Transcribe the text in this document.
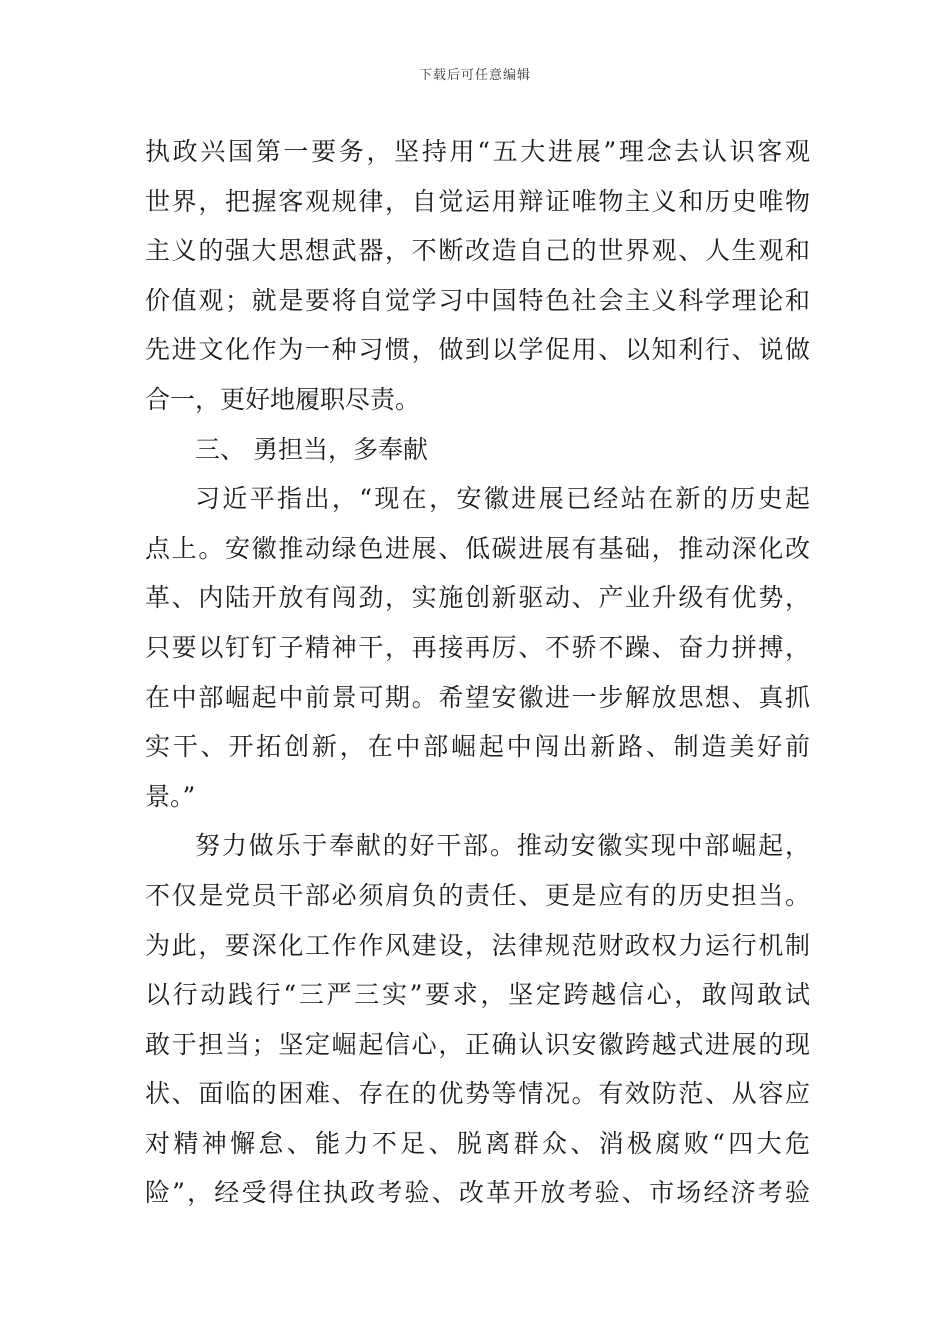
下载后可任意编辑
执政兴国第一要务，坚持用“五大进展”理念去认识客观
世界，把握客观规律，自觉运用辩证唯物主义和历史唯物
主义的强大思想武器，不断改造自己的世界观、人生观和
价值观；就是要将自觉学习中国特色社会主义科学理论和
先进文化作为一种习惯，做到以学促用、以知利行、说做
合一，更好地履职尽责。
三、 勇担当，多奉献
习近平指出，“现在，安徽进展已经站在新的历史起
点上。安徽推动绿色进展、低碳进展有基础，推动深化改
革、内陆开放有闯劲，实施创新驱动、产业升级有优势，
只要以钉钉子精神干，再接再厉、不骄不躁、奋力拼搏，
在中部崛起中前景可期。希望安徽进一步解放思想、真抓
实干、开拓创新，在中部崛起中闯出新路、制造美好前
景。”
努力做乐于奉献的好干部。推动安徽实现中部崛起，
不仅是党员干部必须肩负的责任、更是应有的历史担当。
为此，要深化工作作风建设，法律规范财政权力运行机制
以行动践行“三严三实”要求，坚定跨越信心，敢闯敢试
敢于担当；坚定崛起信心，正确认识安徽跨越式进展的现
状、面临的困难、存在的优势等情况。有效防范、从容应
对精神懈怠、能力不足、脱离群众、消极腐败“四大危
险”，经受得住执政考验、改革开放考验、市场经济考验
